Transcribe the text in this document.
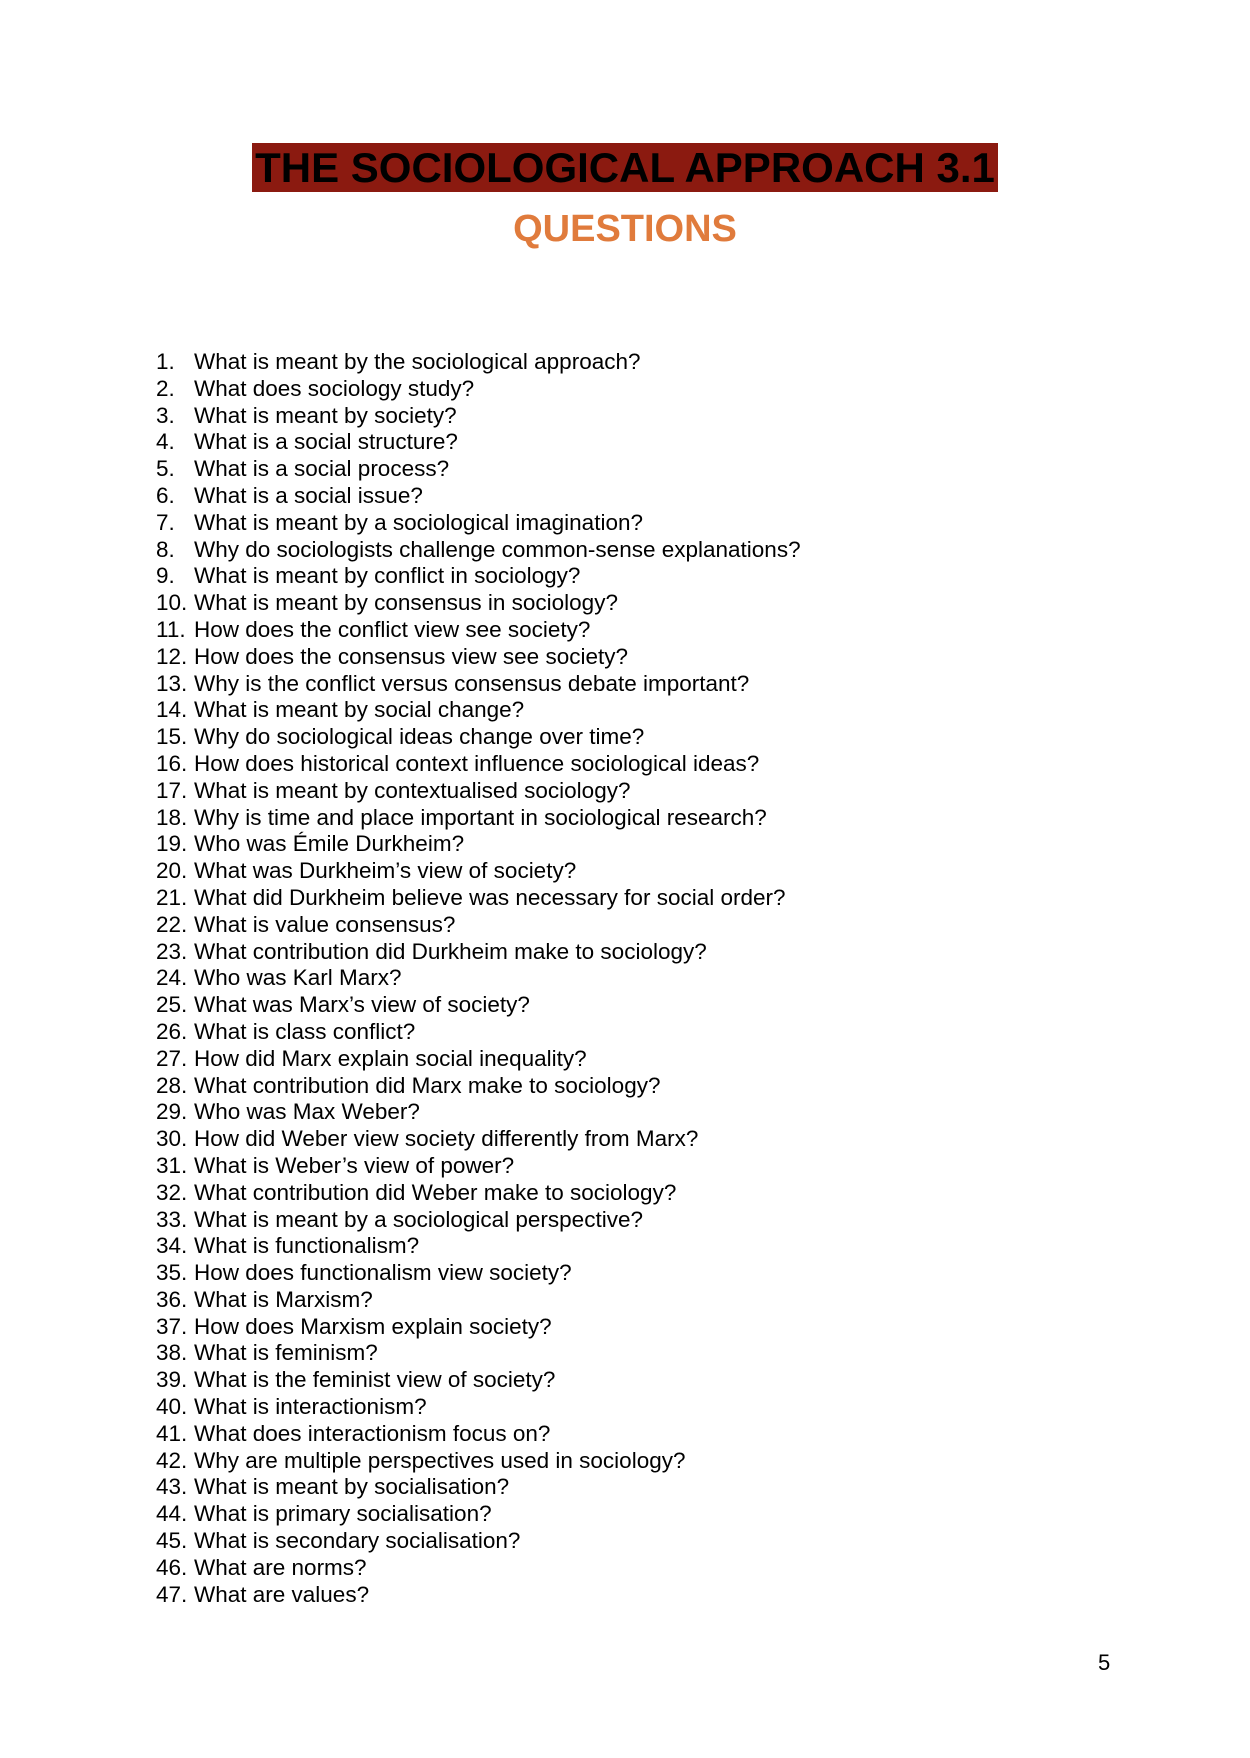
THE SOCIOLOGICAL APPROACH 3.1
QUESTIONS
1. What is meant by the sociological approach?
2. What does sociology study?
3. What is meant by society?
4. What is a social structure?
5. What is a social process?
6. What is a social issue?
7. What is meant by a sociological imagination?
8. Why do sociologists challenge common-sense explanations?
9. What is meant by conflict in sociology?
10. What is meant by consensus in sociology?
11. How does the conflict view see society?
12. How does the consensus view see society?
13. Why is the conflict versus consensus debate important?
14. What is meant by social change?
15. Why do sociological ideas change over time?
16. How does historical context influence sociological ideas?
17. What is meant by contextualised sociology?
18. Why is time and place important in sociological research?
19. Who was Émile Durkheim?
20. What was Durkheim’s view of society?
21. What did Durkheim believe was necessary for social order?
22. What is value consensus?
23. What contribution did Durkheim make to sociology?
24. Who was Karl Marx?
25. What was Marx’s view of society?
26. What is class conflict?
27. How did Marx explain social inequality?
28. What contribution did Marx make to sociology?
29. Who was Max Weber?
30. How did Weber view society differently from Marx?
31. What is Weber’s view of power?
32. What contribution did Weber make to sociology?
33. What is meant by a sociological perspective?
34. What is functionalism?
35. How does functionalism view society?
36. What is Marxism?
37. How does Marxism explain society?
38. What is feminism?
39. What is the feminist view of society?
40. What is interactionism?
41. What does interactionism focus on?
42. Why are multiple perspectives used in sociology?
43. What is meant by socialisation?
44. What is primary socialisation?
45. What is secondary socialisation?
46. What are norms?
47. What are values?
5
